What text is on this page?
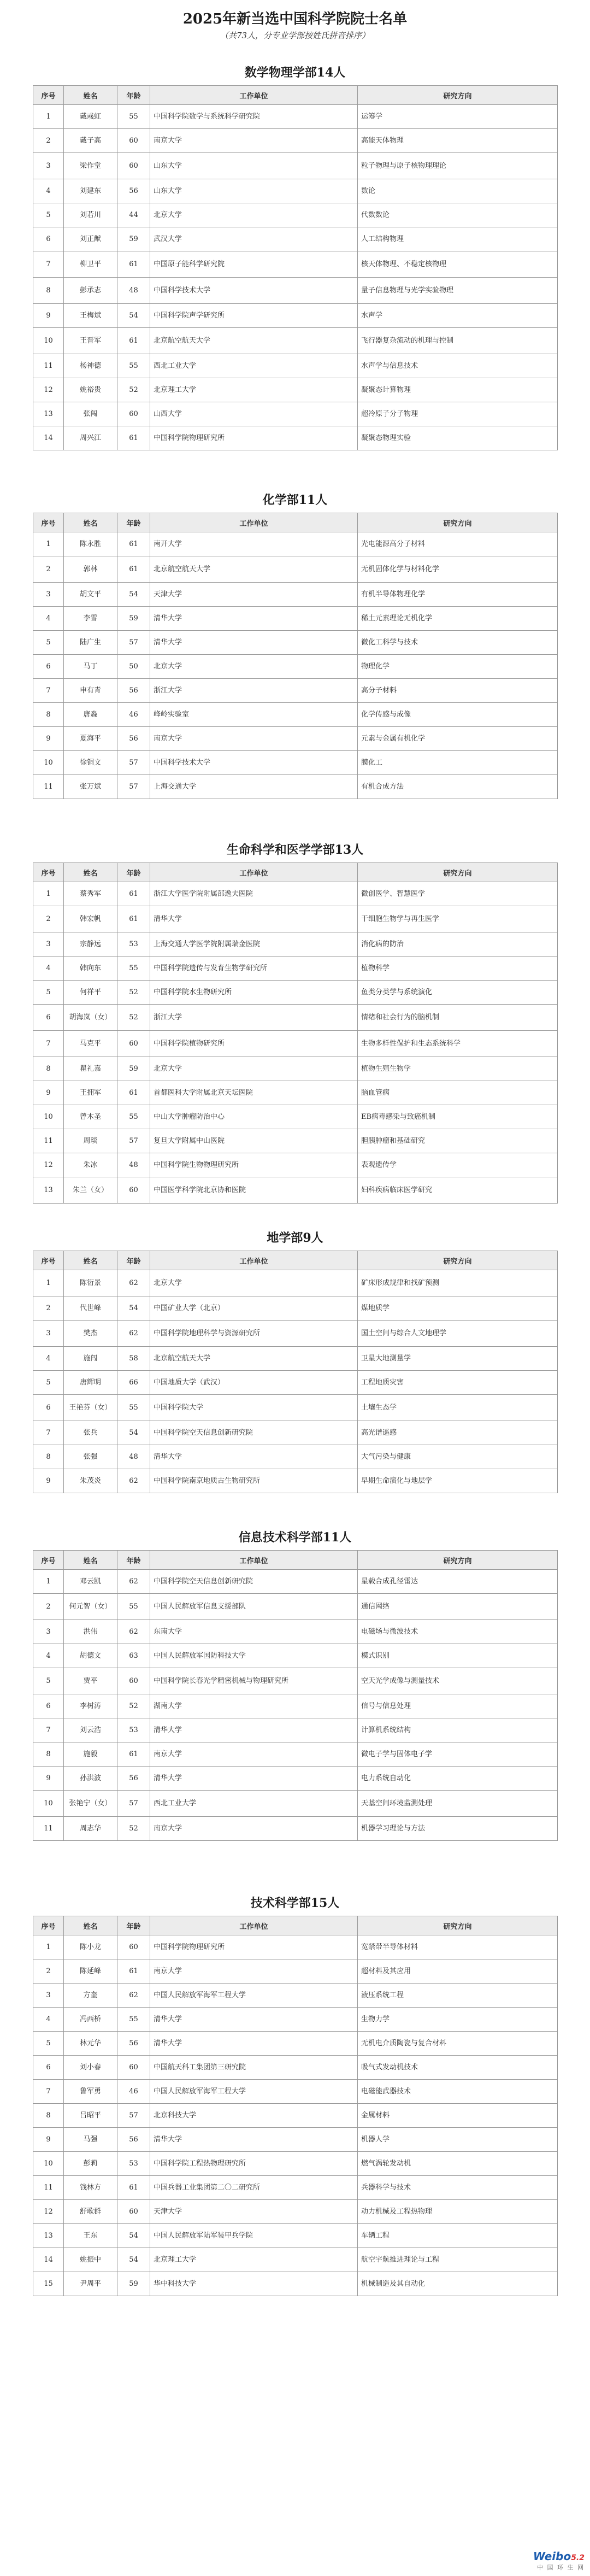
2025年新当选中国科学院院士名单
（共73人，分专业学部按姓氏拼音排序）
数学物理学部14人
序号	姓名	年龄	工作单位	研究方向
1	戴彧虹	55	中国科学院数学与系统科学研究院	运筹学
2	戴子高	60	南京大学	高能天体物理
3	梁作堂	60	山东大学	粒子物理与原子核物理理论
4	刘建东	56	山东大学	数论
5	刘若川	44	北京大学	代数数论
6	刘正猷	59	武汉大学	人工结构物理
7	柳卫平	61	中国原子能科学研究院	核天体物理、不稳定核物理
8	彭承志	48	中国科学技术大学	量子信息物理与光学实验物理
9	王梅斌	54	中国科学院声学研究所	水声学
10	王晋军	61	北京航空航天大学	飞行器复杂流动的机理与控制
11	杨神德	55	西北工业大学	水声学与信息技术
12	姚裕贵	52	北京理工大学	凝聚态计算物理
13	张闯	60	山西大学	超冷原子分子物理
14	周兴江	61	中国科学院物理研究所	凝聚态物理实验
化学部11人
序号	姓名	年龄	工作单位	研究方向
1	陈永胜	61	南开大学	光电能源高分子材料
2	郭林	61	北京航空航天大学	无机固体化学与材料化学
3	胡文平	54	天津大学	有机半导体物理化学
4	李雪	59	清华大学	稀土元素理论无机化学
5	陆广生	57	清华大学	微化工科学与技术
6	马丁	50	北京大学	物理化学
7	申有青	56	浙江大学	高分子材料
8	唐淼	46	峰岭实验室	化学传感与成像
9	夏海平	56	南京大学	元素与金属有机化学
10	徐铜文	57	中国科学技术大学	膜化工
11	张万斌	57	上海交通大学	有机合成方法
生命科学和医学学部13人
序号	姓名	年龄	工作单位	研究方向
1	蔡秀军	61	浙江大学医学院附属邵逸夫医院	微创医学、智慧医学
2	韩宏帆	61	清华大学	干细胞生物学与再生医学
3	宗静远	53	上海交通大学医学院附属瑞金医院	消化病的防治
4	韩向东	55	中国科学院遗传与发育生物学研究所	植物科学
5	何祥平	52	中国科学院水生物研究所	鱼类分类学与系统演化
6	胡海岚（女）	52	浙江大学	情绪和社会行为的脑机制
7	马克平	60	中国科学院植物研究所	生物多样性保护和生态系统科学
8	瞿礼嘉	59	北京大学	植物生殖生物学
9	王拥军	61	首都医科大学附属北京天坛医院	脑血管病
10	曾木圣	55	中山大学肿瘤防治中心	EB病毒感染与致癌机制
11	周琰	57	复旦大学附属中山医院	胆胰肿瘤和基础研究
12	朱冰	48	中国科学院生物物理研究所	表观遗传学
13	朱兰（女）	60	中国医学科学院北京协和医院	妇科疾病临床医学研究
地学部9人
序号	姓名	年龄	工作单位	研究方向
1	陈衍景	62	北京大学	矿床形成规律和找矿预测
2	代世峰	54	中国矿业大学（北京）	煤地质学
3	樊杰	62	中国科学院地理科学与资源研究所	国土空间与综合人文地理学
4	施闯	58	北京航空航天大学	卫星大地测量学
5	唐辉明	66	中国地质大学（武汉）	工程地质灾害
6	王艳芬（女）	55	中国科学院大学	土壤生态学
7	张兵	54	中国科学院空天信息创新研究院	高光谱遥感
8	张强	48	清华大学	大气污染与健康
9	朱茂炎	62	中国科学院南京地质古生物研究所	早期生命演化与地层学
信息技术科学部11人
序号	姓名	年龄	工作单位	研究方向
1	邓云凯	62	中国科学院空天信息创新研究院	星载合成孔径雷达
2	何元智（女）	55	中国人民解放军信息支援部队	通信网络
3	洪伟	62	东南大学	电磁场与微波技术
4	胡德文	63	中国人民解放军国防科技大学	模式识别
5	贾平	60	中国科学院长春光学精密机械与物理研究所	空天光学成像与测量技术
6	李树涛	52	湖南大学	信号与信息处理
7	刘云浩	53	清华大学	计算机系统结构
8	施毅	61	南京大学	微电子学与固体电子学
9	孙洪波	56	清华大学	电力系统自动化
10	张艳宁（女）	57	西北工业大学	天基空间环境监测处理
11	周志华	52	南京大学	机器学习理论与方法
技术科学部15人
序号	姓名	年龄	工作单位	研究方向
1	陈小龙	60	中国科学院物理研究所	宽禁带半导体材料
2	陈延峰	61	南京大学	超材料及其应用
3	方奎	62	中国人民解放军海军工程大学	液压系统工程
4	冯西桥	55	清华大学	生物力学
5	林元华	56	清华大学	无机电介质陶瓷与复合材料
6	刘小春	60	中国航天科工集团第三研究院	吸气式发动机技术
7	鲁军勇	46	中国人民解放军海军工程大学	电磁能武器技术
8	吕昭平	57	北京科技大学	金属材料
9	马强	56	清华大学	机器人学
10	彭莉	53	中国科学院工程热物理研究所	燃气涡轮发动机
11	钱林方	61	中国兵器工业集团第二〇二研究所	兵器科学与技术
12	舒歌群	60	天津大学	动力机械及工程热物理
13	王东	54	中国人民解放军陆军装甲兵学院	车辆工程
14	姚振中	54	北京理工大学	航空宇航推进理论与工程
15	尹周平	59	华中科技大学	机械制造及其自动化
Weibo5.2
中 国 环 生 网
